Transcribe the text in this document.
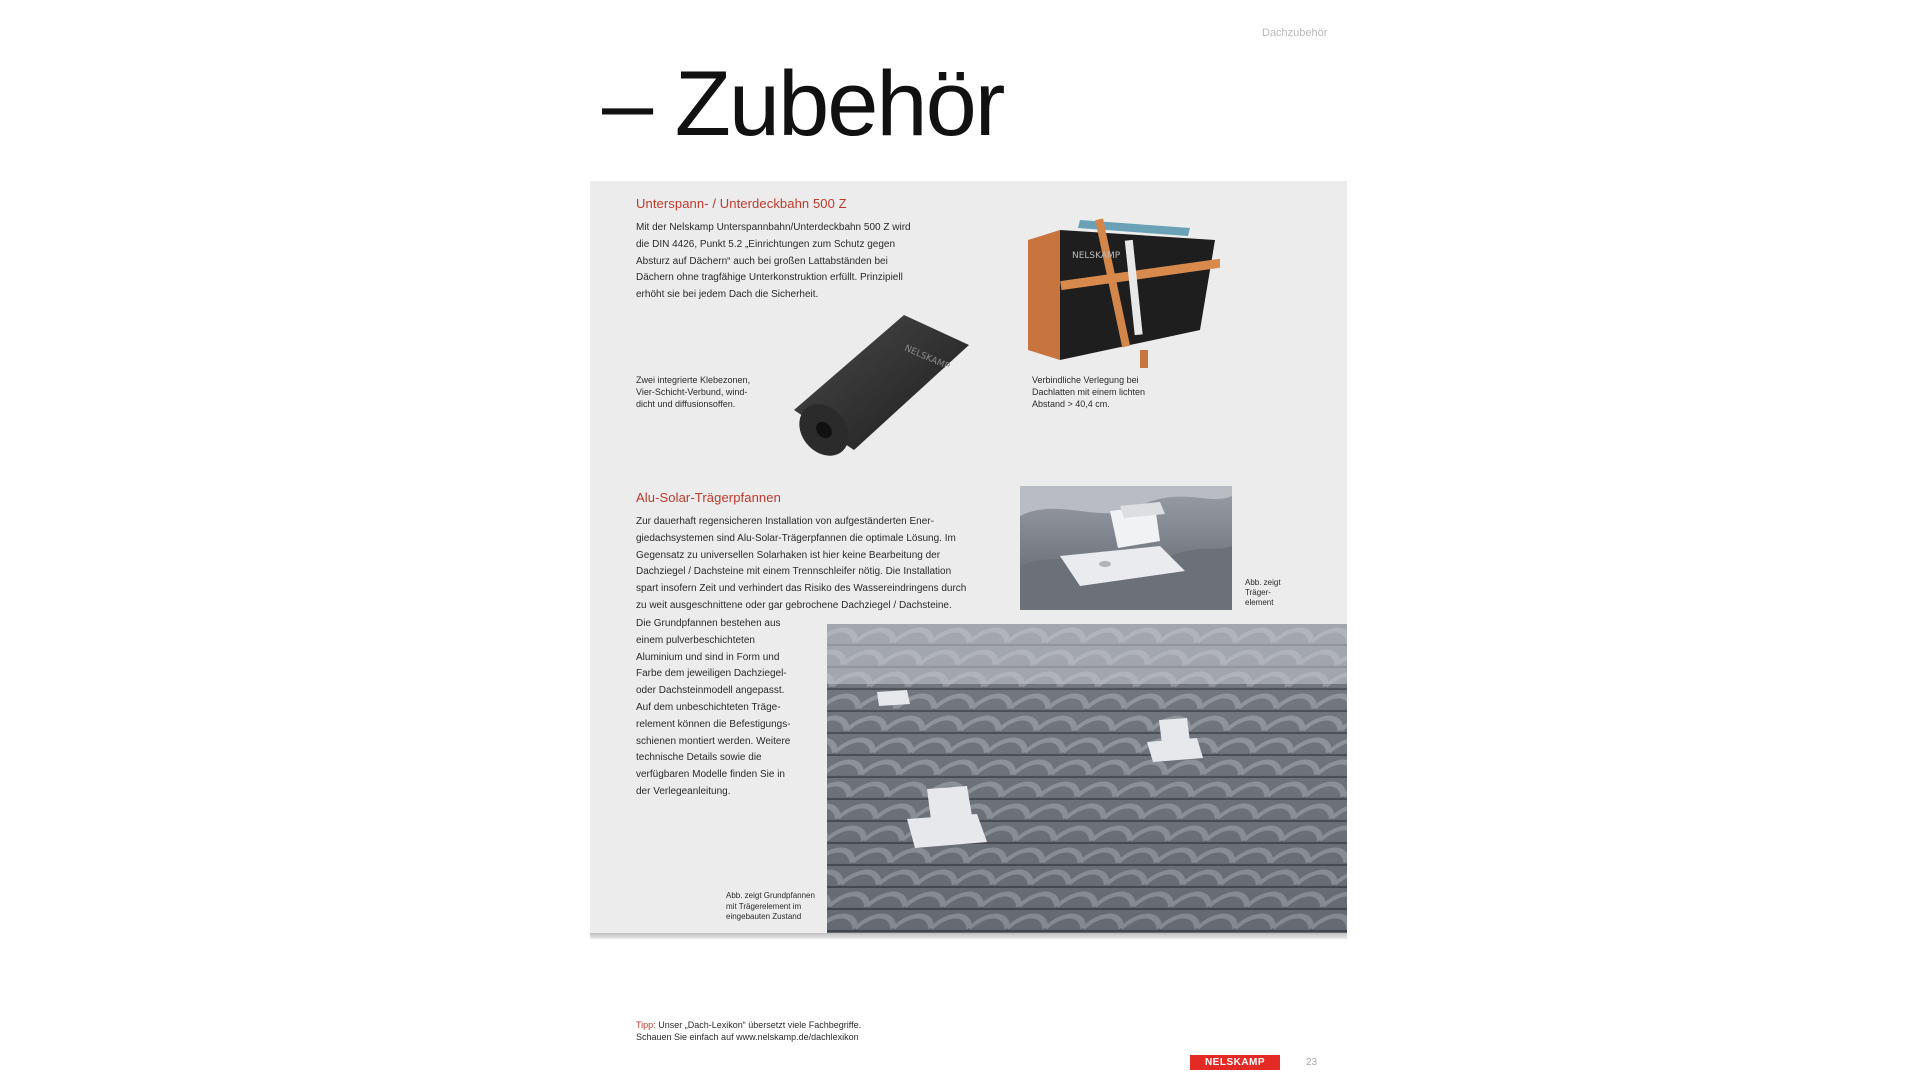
Dachzubehör
– Zubehör
Unterspann- / Unterdeckbahn 500 Z
Mit der Nelskamp Unterspannbahn/Unterdeckbahn 500 Z wird
die DIN 4426, Punkt 5.2 „Einrichtungen zum Schutz gegen
Absturz auf Dächern“ auch bei großen Lattabständen bei
Dächern ohne tragfähige Unterkonstruktion erfüllt. Prinzipiell
erhöht sie bei jedem Dach die Sicherheit.
NELSKAMP
NELSKAMP
Zwei integrierte Klebezonen,
Vier-Schicht-Verbund, wind-
dicht und diffusionsoffen.
Verbindliche Verlegung bei
Dachlatten mit einem lichten
Abstand > 40,4 cm.
Alu-Solar-Trägerpfannen
Zur dauerhaft regensicheren Installation von aufgeständerten Ener-
giedachsystemen sind Alu-Solar-Trägerpfannen die optimale Lösung. Im
Gegensatz zu universellen Solarhaken ist hier keine Bearbeitung der
Dachziegel / Dachsteine mit einem Trennschleifer nötig. Die Installation
spart insofern Zeit und verhindert das Risiko des Wassereindringens durch
zu weit ausgeschnittene oder gar gebrochene Dachziegel / Dachsteine.
Die Grundpfannen bestehen aus
einem pulverbeschichteten
Aluminium und sind in Form und
Farbe dem jeweiligen Dachziegel-
oder Dachsteinmodell angepasst.
Auf dem unbeschichteten Träge-
relement können die Befestigungs-
schienen montiert werden. Weitere
technische Details sowie die
verfügbaren Modelle finden Sie in
der Verlegeanleitung.
Abb. zeigt
Träger-
element
Abb. zeigt Grundpfannen
mit Trägerelement im
eingebauten Zustand
Tipp: Unser „Dach-Lexikon“ übersetzt viele Fachbegriffe.
Schauen Sie einfach auf www.nelskamp.de/dachlexikon
NELSKAMP	23
